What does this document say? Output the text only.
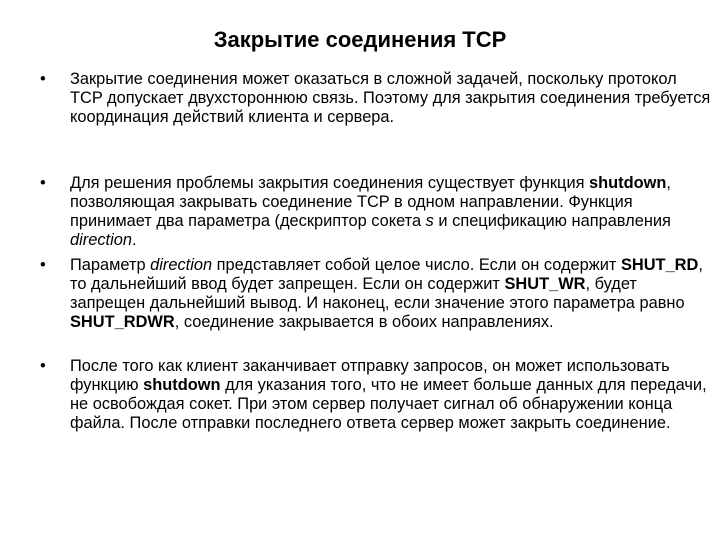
Закрытие соединения TCP
•	Закрытие соединения может оказаться в сложной задачей, поскольку протокол TCP допускает двухстороннюю связь. Поэтому для закрытия соединения требуется координация действий клиента и сервера.
•	Для решения проблемы закрытия соединения существует функция shutdown, позволяющая закрывать соединение TCP в одном направлении. Функция принимает два параметра (дескриптор сокета s и спецификацию направления direction.
•	Параметр direction представляет собой целое число. Если он содержит SHUT_RD, то дальнейший ввод будет запрещен. Если он содержит SHUT_WR, будет запрещен дальнейший вывод. И наконец, если значение этого параметра равно SHUT_RDWR, соединение закрывается в обоих направлениях.
•	После того как клиент заканчивает отправку запросов, он может использовать функцию shutdown для указания того, что не имеет больше данных для передачи, не освобождая сокет. При этом сервер получает сигнал об обнаружении конца файла. После отправки последнего ответа сервер может закрыть соединение.
